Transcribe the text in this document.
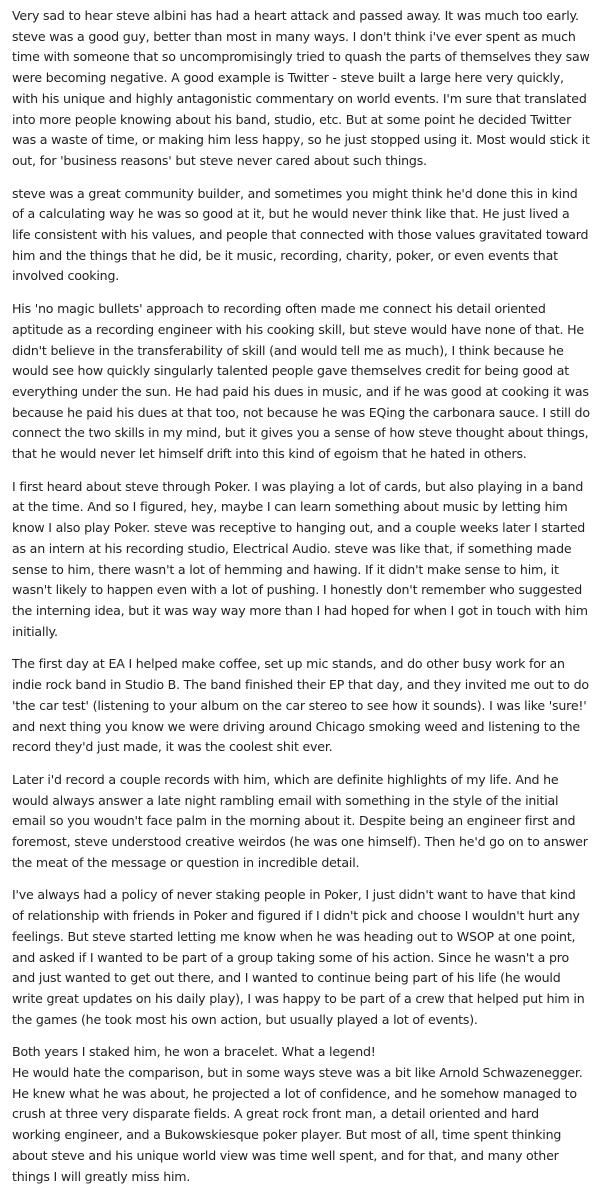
Very sad to hear steve albini has had a heart attack and passed away. It was much too early. steve was a good guy, better than most in many ways. I don't think i've ever spent as much time with someone that so uncompromisingly tried to quash the parts of themselves they saw were becoming negative. A good example is Twitter - steve built a large here very quickly, with his unique and highly antagonistic commentary on world events. I'm sure that translated into more people knowing about his band, studio, etc. But at some point he decided Twitter was a waste of time, or making him less happy, so he just stopped using it. Most would stick it out, for 'business reasons' but steve never cared about such things.

steve was a great community builder, and sometimes you might think he'd done this in kind of a calculating way he was so good at it, but he would never think like that. He just lived a life consistent with his values, and people that connected with those values gravitated toward him and the things that he did, be it music, recording, charity, poker, or even events that involved cooking.

His 'no magic bullets' approach to recording often made me connect his detail oriented aptitude as a recording engineer with his cooking skill, but steve would have none of that. He didn't believe in the transferability of skill (and would tell me as much), I think because he would see how quickly singularly talented people gave themselves credit for being good at everything under the sun. He had paid his dues in music, and if he was good at cooking it was because he paid his dues at that too, not because he was EQing the carbonara sauce. I still do connect the two skills in my mind, but it gives you a sense of how steve thought about things, that he would never let himself drift into this kind of egoism that he hated in others.

I first heard about steve through Poker. I was playing a lot of cards, but also playing in a band at the time. And so I figured, hey, maybe I can learn something about music by letting him know I also play Poker. steve was receptive to hanging out, and a couple weeks later I started as an intern at his recording studio, Electrical Audio. steve was like that, if something made sense to him, there wasn't a lot of hemming and hawing. If it didn't make sense to him, it wasn't likely to happen even with a lot of pushing. I honestly don't remember who suggested the interning idea, but it was way way more than I had hoped for when I got in touch with him initially.

The first day at EA I helped make coffee, set up mic stands, and do other busy work for an indie rock band in Studio B. The band finished their EP that day, and they invited me out to do 'the car test' (listening to your album on the car stereo to see how it sounds). I was like 'sure!' and next thing you know we were driving around Chicago smoking weed and listening to the record they'd just made, it was the coolest shit ever.

Later i'd record a couple records with him, which are definite highlights of my life. And he would always answer a late night rambling email with something in the style of the initial email so you woudn't face palm in the morning about it. Despite being an engineer first and foremost, steve understood creative weirdos (he was one himself). Then he'd go on to answer the meat of the message or question in incredible detail.

I've always had a policy of never staking people in Poker, I just didn't want to have that kind of relationship with friends in Poker and figured if I didn't pick and choose I wouldn't hurt any feelings. But steve started letting me know when he was heading out to WSOP at one point, and asked if I wanted to be part of a group taking some of his action. Since he wasn't a pro and just wanted to get out there, and I wanted to continue being part of his life (he would write great updates on his daily play), I was happy to be part of a crew that helped put him in the games (he took most his own action, but usually played a lot of events).

Both years I staked him, he won a bracelet. What a legend!

He would hate the comparison, but in some ways steve was a bit like Arnold Schwazenegger. He knew what he was about, he projected a lot of confidence, and he somehow managed to crush at three very disparate fields. A great rock front man, a detail oriented and hard working engineer, and a Bukowskiesque poker player. But most of all, time spent thinking about steve and his unique world view was time well spent, and for that, and many other things I will greatly miss him.
